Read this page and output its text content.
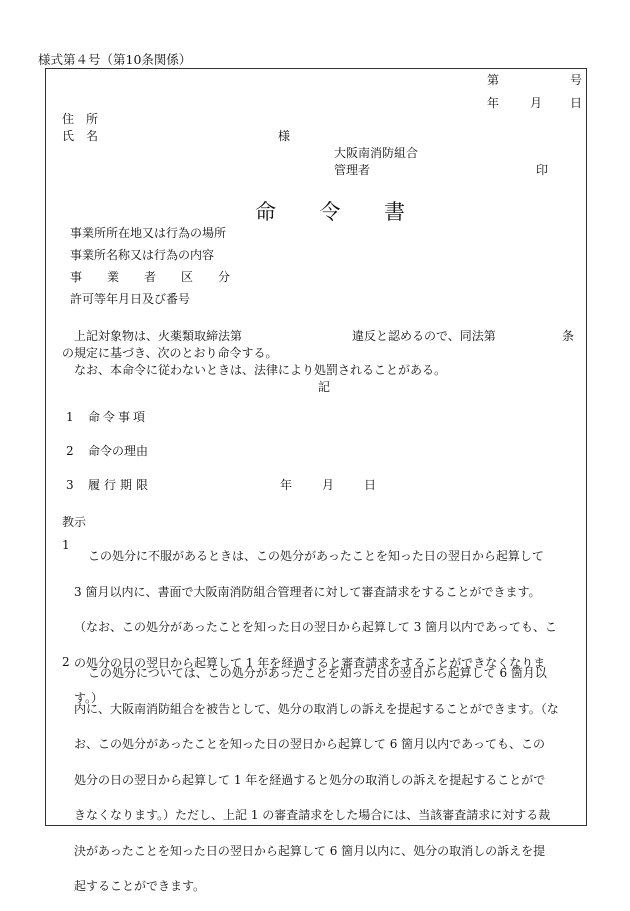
様式第４号（第10条関係）
第	号
年	月 日
住　所
氏　名	様
大阪南消防組合
管理者	印
命 令 書
事業所所在地又は行為の場所
事業所名称又は行為の内容
事 業 者 区 分
許可等年月日及び番号
上記対象物は、火薬類取締法第	違反と認めるので、同法第	条
の規定に基づき、次のとおり命令する。
なお、本命令に従わないときは、法律により処罰されることがある。
記
1 命令事項
2 命令の理由
3 履行期限	年 月 日
教示
1

この処分に不服があるときは、この処分があったことを知った日の翌日から起算して

3 箇月以内に、書面で大阪南消防組合管理者に対して審査請求をすることができます。

（なお、この処分があったことを知った日の翌日から起算して 3 箇月以内であっても、こ

の処分の日の翌日から起算して 1 年を経過すると審査請求をすることができなくなりま

す。）

2

この処分については、この処分があったことを知った日の翌日から起算して 6 箇月以

内に、大阪南消防組合を被告として、処分の取消しの訴えを提起することができます。（な

お、この処分があったことを知った日の翌日から起算して 6 箇月以内であっても、この

処分の日の翌日から起算して 1 年を経過すると処分の取消しの訴えを提起することがで

きなくなります。）ただし、上記 1 の審査請求をした場合には、当該審査請求に対する裁

決があったことを知った日の翌日から起算して 6 箇月以内に、処分の取消しの訴えを提

起することができます。
